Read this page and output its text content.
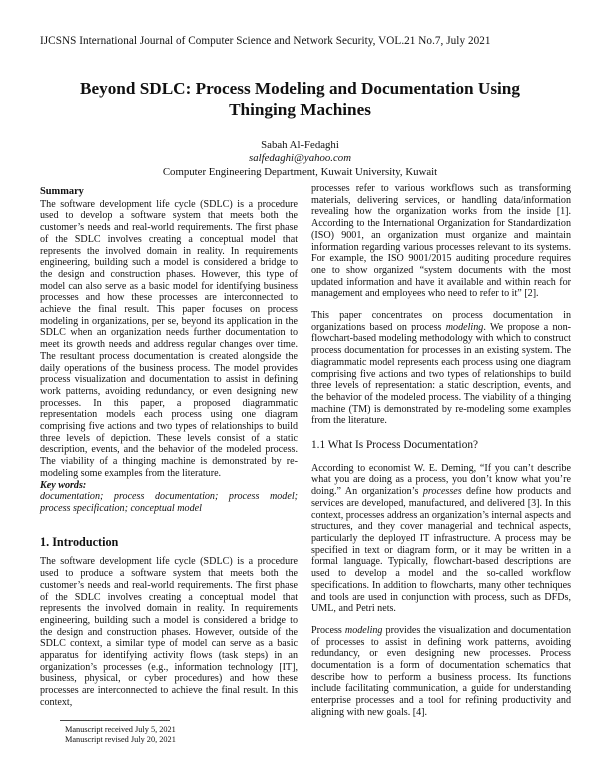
IJCSNS International Journal of Computer Science and Network Security, VOL.21 No.7, July 2021
Beyond SDLC: Process Modeling and Documentation Using
Thinging Machines
Sabah Al-Fedaghi
salfedaghi@yahoo.com
Computer Engineering Department, Kuwait University, Kuwait
Summary

The software development life cycle (SDLC) is a procedure used to develop a software system that meets both the customer’s needs and real-world requirements. The first phase of the SDLC involves creating a conceptual model that represents the involved domain in reality. In requirements engineering, building such a model is considered a bridge to the design and construction phases. However, this type of model can also serve as a basic model for identifying business processes and how these processes are interconnected to achieve the final result. This paper focuses on process modeling in organizations, per se, beyond its application in the SDLC when an organization needs further documentation to meet its growth needs and address regular changes over time. The resultant process documentation is created alongside the daily operations of the business process. The model provides process visualization and documentation to assist in defining work patterns, avoiding redundancy, or even designing new processes. In this paper, a proposed diagrammatic representation models each process using one diagram comprising five actions and two types of relationships to build three levels of depiction. These levels consist of a static description, events, and the behavior of the modeled process. The viability of a thinging machine is demonstrated by re-modeling some examples from the literature.

Key words:
documentation; process documentation; process model; process specification; conceptual model

1. Introduction

The software development life cycle (SDLC) is a procedure used to produce a software system that meets both the customer’s needs and real-world requirements. The first phase of the SDLC involves creating a conceptual model that represents the involved domain in reality. In requirements engineering, building such a model is considered a bridge to the design and construction phases. However, outside of the SDLC context, a similar type of model can serve as a basic apparatus for identifying activity flows (task steps) in an organization’s processes (e.g., information technology [IT], business, physical, or cyber procedures) and how these processes are interconnected to achieve the final result. In this context,

processes refer to various workflows such as transforming materials, delivering services, or handling data/information revealing how the organization works from the inside [1]. According to the International Organization for Standardization (ISO) 9001, an organization must organize and maintain information regarding various processes relevant to its systems. For example, the ISO 9001/2015 auditing procedure requires one to show organized “system documents with the most updated information and have it available and within reach for management and employees who need to refer to it” [2].

This paper concentrates on process documentation in organizations based on process modeling. We propose a non-flowchart-based modeling methodology with which to construct process documentation for processes in an existing system. The diagrammatic model represents each process using one diagram comprising five actions and two types of relationships to build three levels of representation: a static description, events, and the behavior of the modeled process. The viability of a thinging machine (TM) is demonstrated by re-modeling some examples from the literature.

1.1 What Is Process Documentation?

According to economist W. E. Deming, “If you can’t describe what you are doing as a process, you don’t know what you’re doing.” An organization’s processes define how products and services are developed, manufactured, and delivered [3]. In this context, processes address an organization’s internal aspects and structures, and they cover managerial and technical aspects, particularly the deployed IT infrastructure. A process may be specified in text or diagram form, or it may be written in a formal language. Typically, flowchart-based descriptions are used to develop a model and the so-called workflow specifications. In addition to flowcharts, many other techniques and tools are used in conjunction with process, such as DFDs, UML, and Petri nets.

Process modeling provides the visualization and documentation of processes to assist in defining work patterns, avoiding redundancy, or even designing new processes. Process documentation is a form of documentation schematics that describe how to perform a business process. Its functions include facilitating communication, a guide for understanding enterprise processes and a tool for refining productivity and aligning with new goals. [4].

Manuscript received July 5, 2021
Manuscript revised July 20, 2021
